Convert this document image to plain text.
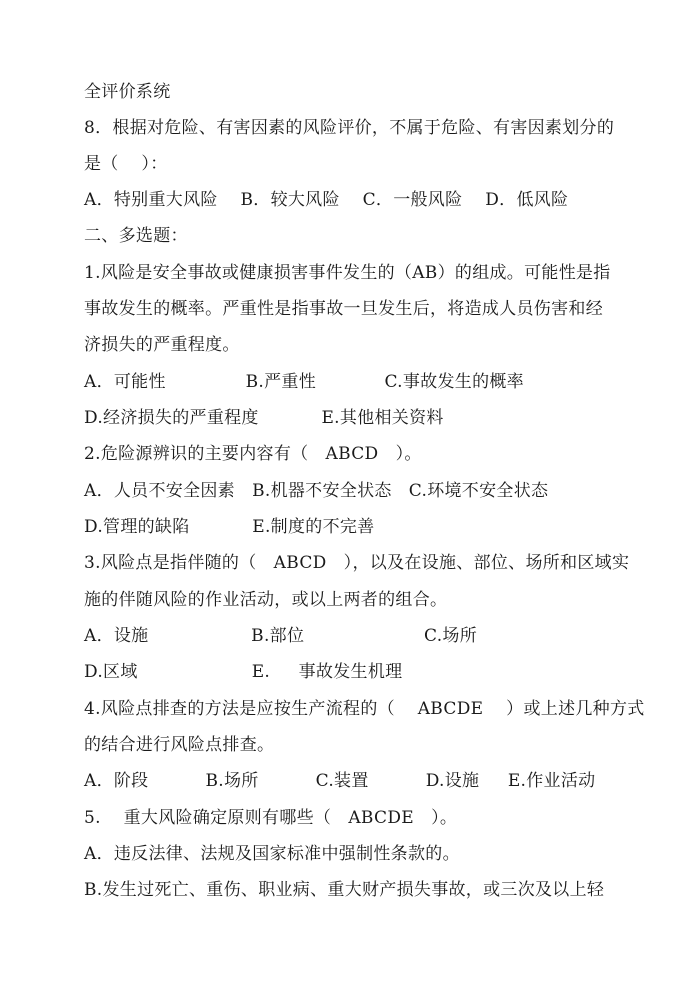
全评价系统
8．根据对危险、有害因素的风险评价，不属于危险、有害因素划分的
是（    ）：
A．特别重大风险    B．较大风险    C．一般风险    D．低风险
二、多选题：
1.风险是安全事故或健康损害事件发生的（AB）的组成。可能性是指
事故发生的概率。严重性是指事故一旦发生后，将造成人员伤害和经
济损失的严重程度。
A．可能性              B.严重性            C.事故发生的概率
D.经济损失的严重程度           E.其他相关资料
2.危险源辨识的主要内容有（   ABCD   ）。
A．人员不安全因素   B.机器不安全状态   C.环境不安全状态
D.管理的缺陷           E.制度的不完善
3.风险点是指伴随的（   ABCD   ），以及在设施、部位、场所和区域实
施的伴随风险的作业活动，或以上两者的组合。
A．设施                  B.部位                     C.场所
D.区域                    E.     事故发生机理
4.风险点排查的方法是应按生产流程的（    ABCDE    ）或上述几种方式
的结合进行风险点排查。
A．阶段          B.场所          C.装置          D.设施     E.作业活动
5.    重大风险确定原则有哪些（   ABCDE   ）。
A．违反法律、法规及国家标准中强制性条款的。
B.发生过死亡、重伤、职业病、重大财产损失事故，或三次及以上轻
